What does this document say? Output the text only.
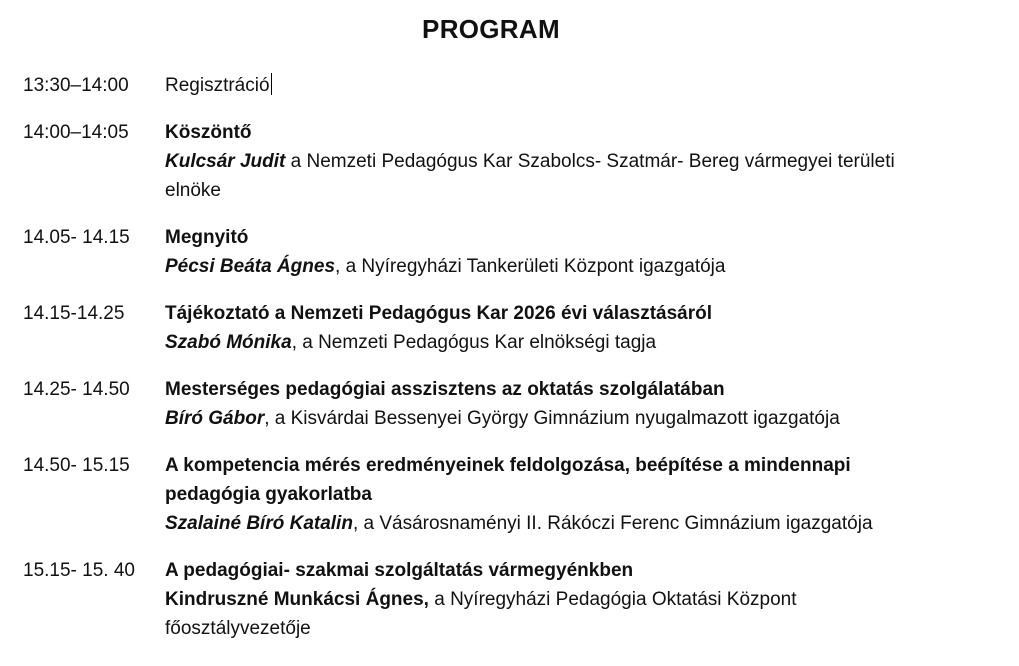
PROGRAM
13:30–14:00	Regisztráció
14:00–14:05	Köszöntő
Kulcsár Judit a Nemzeti Pedagógus Kar Szabolcs- Szatmár- Bereg vármegyei területi
elnöke
14.05- 14.15	Megnyitó
Pécsi Beáta Ágnes, a Nyíregyházi Tankerületi Központ igazgatója
14.15-14.25	Tájékoztató a Nemzeti Pedagógus Kar 2026 évi választásáról
Szabó Mónika, a Nemzeti Pedagógus Kar elnökségi tagja
14.25- 14.50	Mesterséges pedagógiai asszisztens az oktatás szolgálatában
Bíró Gábor, a Kisvárdai Bessenyei György Gimnázium nyugalmazott igazgatója
14.50- 15.15	A kompetencia mérés eredményeinek feldolgozása, beépítése a mindennapi
pedagógia gyakorlatba
Szalainé Bíró Katalin, a Vásárosnaményi II. Rákóczi Ferenc Gimnázium igazgatója
15.15- 15. 40	A pedagógiai- szakmai szolgáltatás vármegyénkben
Kindruszné Munkácsi Ágnes, a Nyíregyházi Pedagógia Oktatási Központ
főosztályvezetője
